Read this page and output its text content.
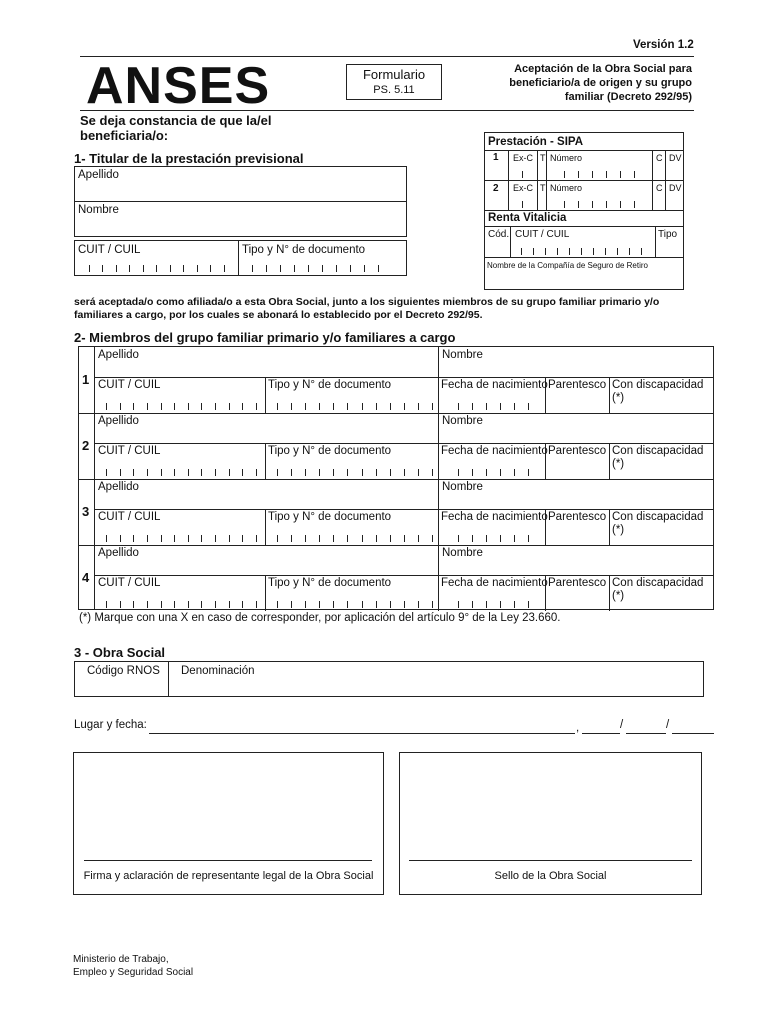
Versión 1.2
ANSES	Formulario
PS. 5.11
Aceptación de la Obra Social para beneficiario/a de origen y su grupo familiar (Decreto 292/95)
Se deja constancia de que la/el beneficiaria/o:
1- Titular de la prestación previsional
Apellido
Nombre
CUIT / CUIL	Tipo y N° de documento
Prestación - SIPA
1
2
Ex-C T Número	C DV
Ex-C T Número	C DV
Renta Vitalicia
Cód. CUIT / CUIL	Tipo
Nombre de la Compañía de Seguro de Retiro
será aceptada/o como afiliada/o a esta Obra Social, junto a los siguientes miembros de su grupo familiar primario y/o familiares a cargo, por los cuales se abonará lo establecido por el Decreto 292/95.
2- Miembros del grupo familiar primario y/o familiares a cargo
1
Apellido	Nombre
CUIT / CUIL	Tipo y N° de documento	Fecha de nacimiento Parentesco Con discapacidad (*)
2
Apellido	Nombre
CUIT / CUIL	Tipo y N° de documento	Fecha de nacimiento Parentesco Con discapacidad (*)
3
Apellido	Nombre
CUIT / CUIL	Tipo y N° de documento	Fecha de nacimiento Parentesco Con discapacidad (*)
4
Apellido	Nombre
CUIT / CUIL	Tipo y N° de documento	Fecha de nacimiento Parentesco Con discapacidad (*)
(*) Marque con una X en caso de corresponder, por aplicación del artículo 9° de la Ley 23.660.
3 - Obra Social
Código RNOS Denominación
Lugar y fecha:	,	/	/
Firma y aclaración de representante legal de la Obra Social	Sello de la Obra Social
Ministerio de Trabajo,
Empleo y Seguridad Social
